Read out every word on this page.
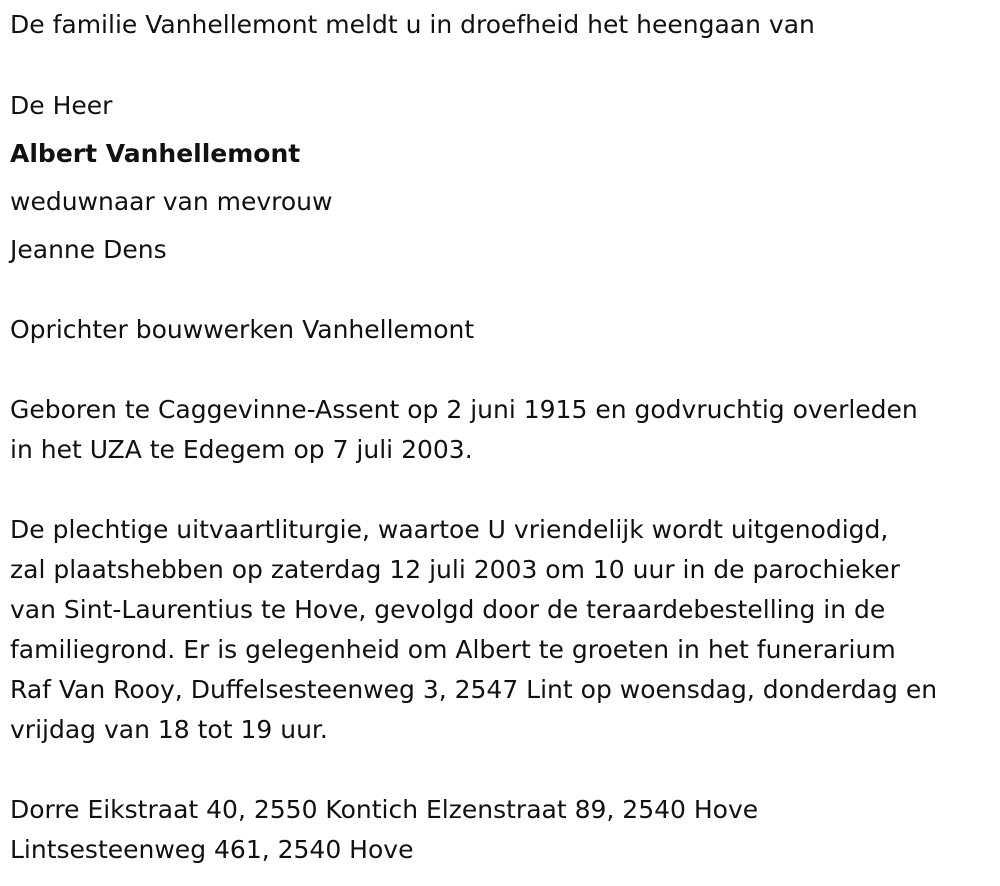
De familie Vanhellemont meldt u in droefheid het heengaan van
De Heer
Albert Vanhellemont
weduwnaar van mevrouw
Jeanne Dens
Oprichter bouwwerken Vanhellemont
Geboren te Caggevinne-Assent op 2 juni 1915 en godvruchtig overleden
in het UZA te Edegem op 7 juli 2003.
De plechtige uitvaartliturgie, waartoe U vriendelijk wordt uitgenodigd,
zal plaatshebben op zaterdag 12 juli 2003 om 10 uur in de parochieker
van Sint-Laurentius te Hove, gevolgd door de teraardebestelling in de
familiegrond. Er is gelegenheid om Albert te groeten in het funerarium
Raf Van Rooy, Duffelsesteenweg 3, 2547 Lint op woensdag, donderdag en
vrijdag van 18 tot 19 uur.
Dorre Eikstraat 40, 2550 Kontich Elzenstraat 89, 2540 Hove
Lintsesteenweg 461, 2540 Hove
